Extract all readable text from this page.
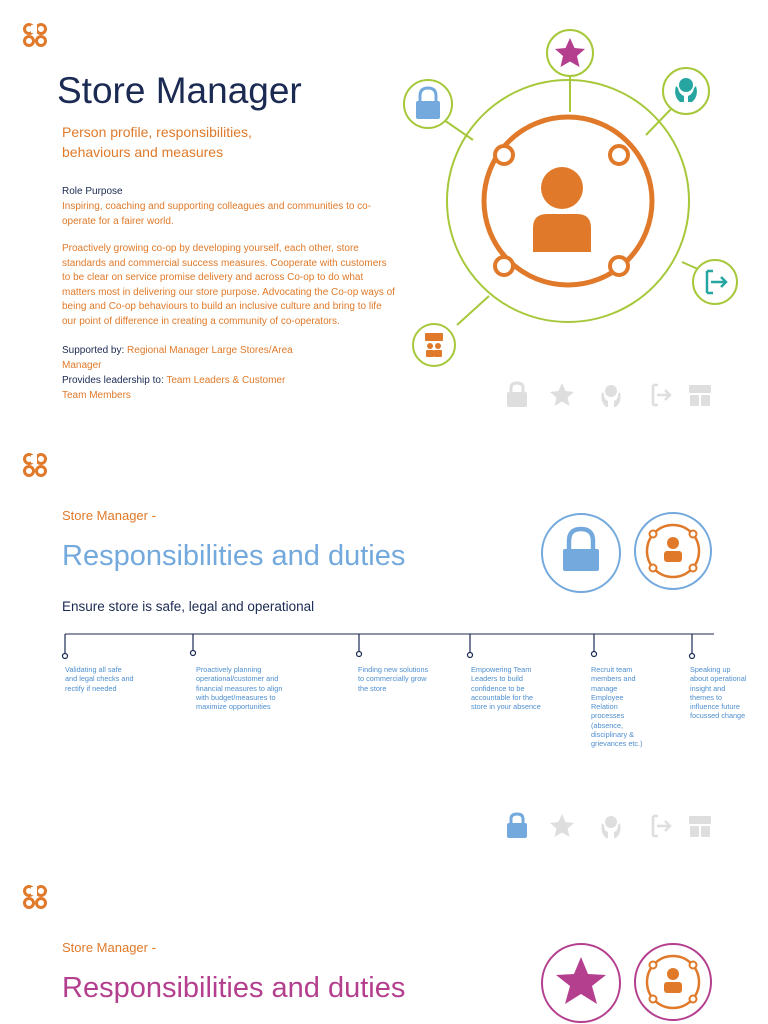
Store Manager

Person profile, responsibilities, behaviours and measures

Role Purpose

Inspiring, coaching and supporting colleagues and communities to co-operate for a fairer world.

Proactively growing co-op by developing yourself, each other, store standards and commercial success measures. Cooperate with customers to be clear on service promise delivery and across Co-op to do what matters most in delivering our store purpose. Advocating the Co-op ways of being and Co-op behaviours to build an inclusive culture and bring to life our point of difference in creating a community of co-operators.

Supported by: Regional Manager Large Stores/Area Manager

Provides leadership to: Team Leaders & Customer Team Members

Store Manager -
Responsibilities and duties
Ensure store is safe, legal and operational

Validating all safe and legal checks and rectify if needed

Proactively planning operational/customer and financial measures to align with budget/measures to maximize opportunities

Finding new solutions to commercially grow the store

Empowering Team Leaders to build confidence to be accountable for the store in your absence

Recruit team members and manage Employee Relation processes (absence, disciplinary & grievances etc.)

Speaking up about operational insight and themes to influence future focussed change

Store Manager -
Responsibilities and duties
